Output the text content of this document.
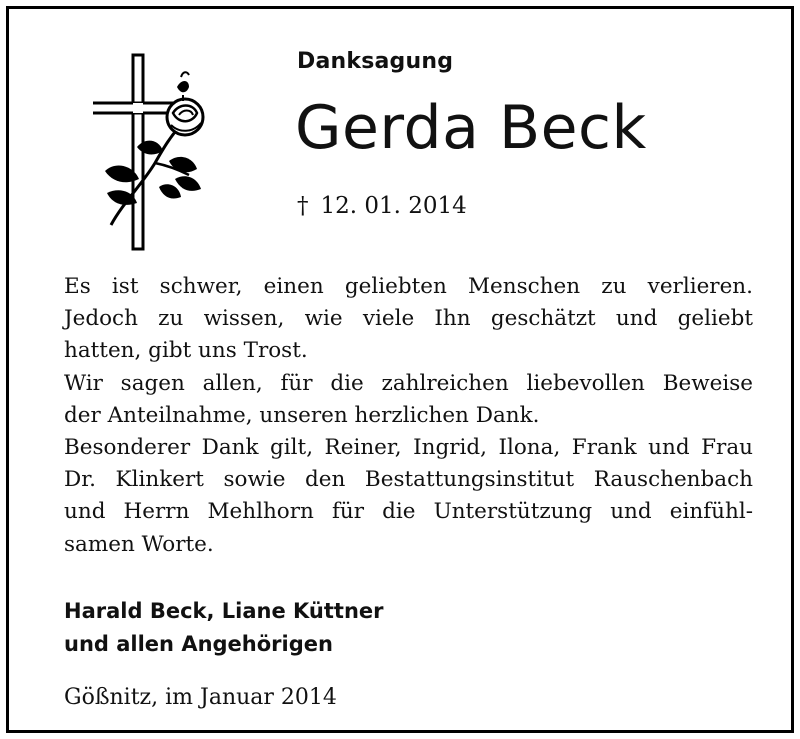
Danksagung
Gerda Beck
† 12. 01. 2014
Es ist schwer, einen geliebten Menschen zu verlieren.
Jedoch zu wissen, wie viele Ihn geschätzt und geliebt
hatten, gibt uns Trost.
Wir sagen allen, für die zahlreichen liebevollen Beweise
der Anteilnahme, unseren herzlichen Dank.
Besonderer Dank gilt, Reiner, Ingrid, Ilona, Frank und Frau
Dr. Klinkert sowie den Bestattungsinstitut Rauschenbach
und Herrn Mehlhorn für die Unterstützung und einfühl-
samen Worte.
Harald Beck, Liane Küttner
und allen Angehörigen
Gößnitz, im Januar 2014
